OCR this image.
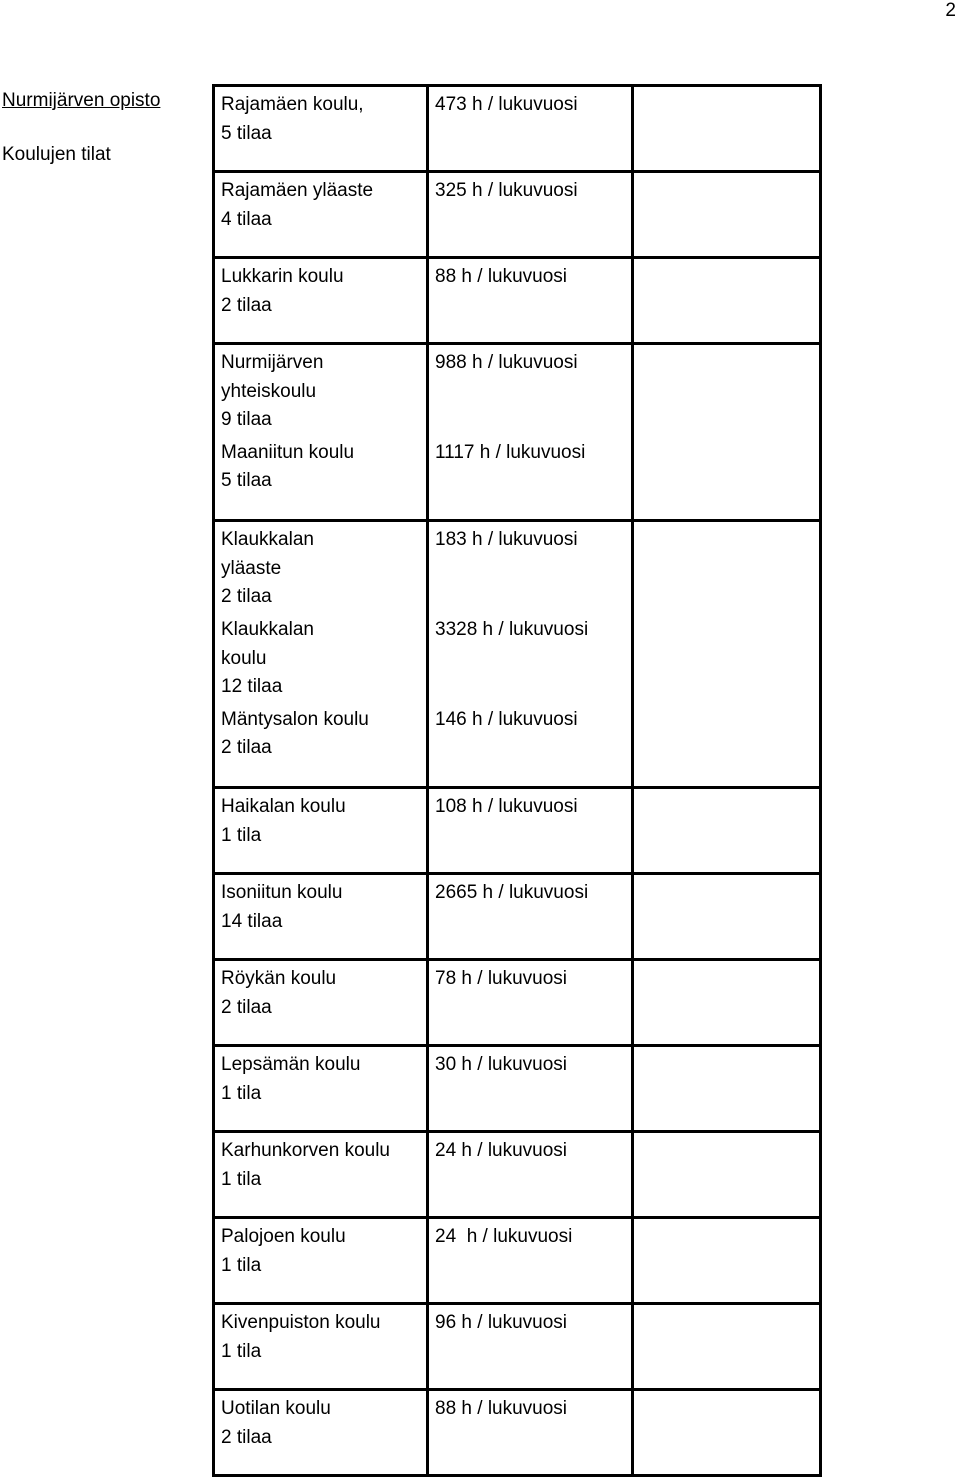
2
Nurmijärven opisto
Koulujen tilat
Rajamäen koulu,
5 tilaa	473 h / lukuvuosi	

Rajamäen yläaste
4 tilaa	325 h / lukuvuosi	

Lukkarin koulu
2 tilaa	88 h / lukuvuosi	

Nurmijärven
yhteiskoulu
9 tilaa	988 h / lukuvuosi	

Maaniitun koulu
5 tilaa	1117 h / lukuvuosi	

Klaukkalan
yläaste
2 tilaa	183 h / lukuvuosi	

Klaukkalan
koulu
12 tilaa	3328 h / lukuvuosi	

Mäntysalon koulu
2 tilaa	146 h / lukuvuosi	

Haikalan koulu
1 tila	108 h / lukuvuosi	

Isoniitun koulu
14 tilaa	2665 h / lukuvuosi	

Röykän koulu
2 tilaa	78 h / lukuvuosi	

Lepsämän koulu
1 tila	30 h / lukuvuosi	

Karhunkorven koulu
1 tila	24 h / lukuvuosi	

Palojoen koulu
1 tila	24  h / lukuvuosi	

Kivenpuiston koulu
1 tila	96 h / lukuvuosi	

Uotilan koulu
2 tilaa	88 h / lukuvuosi	
